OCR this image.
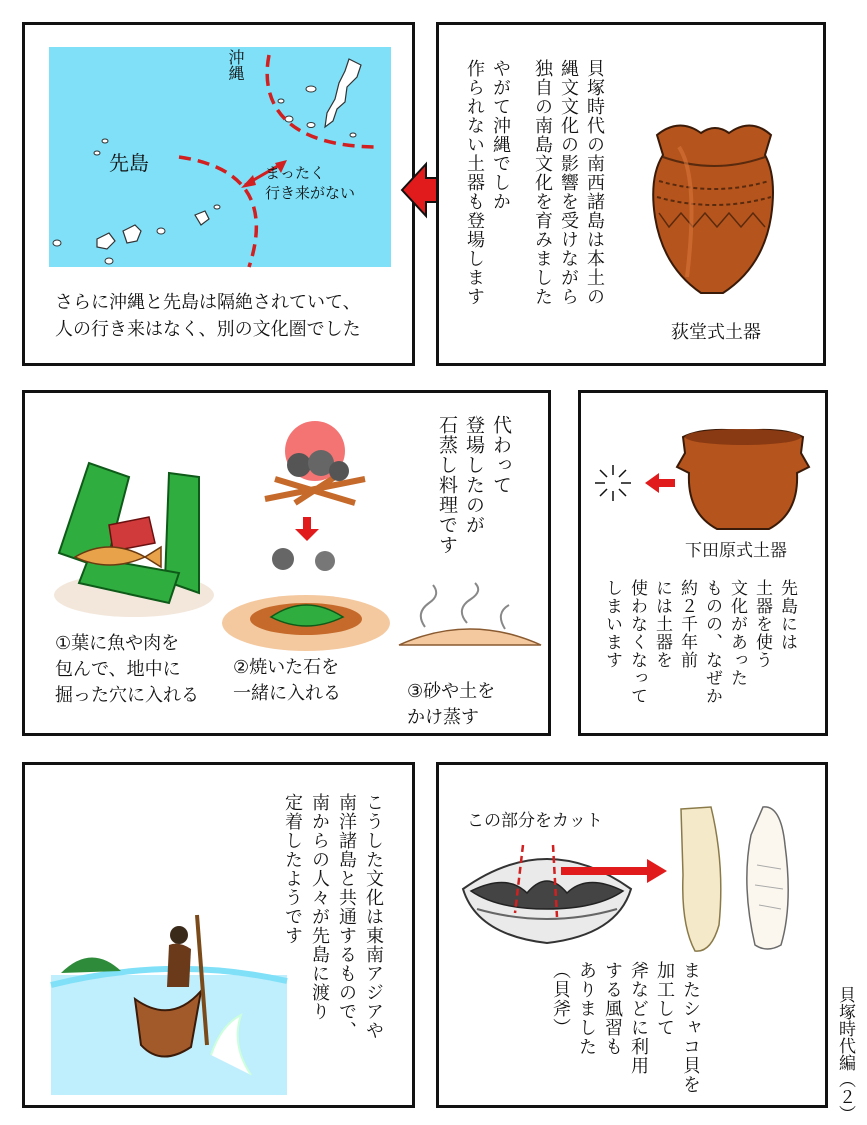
沖縄
先島	まったく
行き来がない
さらに沖縄と先島は隔絶されていて、
人の行き来はなく、別の文化圏でした
貝塚時代の南西諸島は本土の
縄文文化の影響を受けながら
独自の南島文化を育みました
やがて沖縄でしか
作られない土器も登場します
荻堂式土器
代わって
登場したのが
石蒸し料理です
①葉に魚や肉を
包んで、地中に
掘った穴に入れる
②焼いた石を
一緒に入れる	③砂や土を
かけ蒸す
下田原式土器
先島には
土器を使う
文化があった
ものの、なぜか
約２千年前
には土器を
使わなくなって
しまいます
こうした文化は東南アジアや
南洋諸島と共通するもので、
南からの人々が先島に渡り
定着したようです	この部分をカット
またシャコ貝を
加工して
斧などに利用
する風習も
ありました
（貝斧）	貝塚時代編（２）
